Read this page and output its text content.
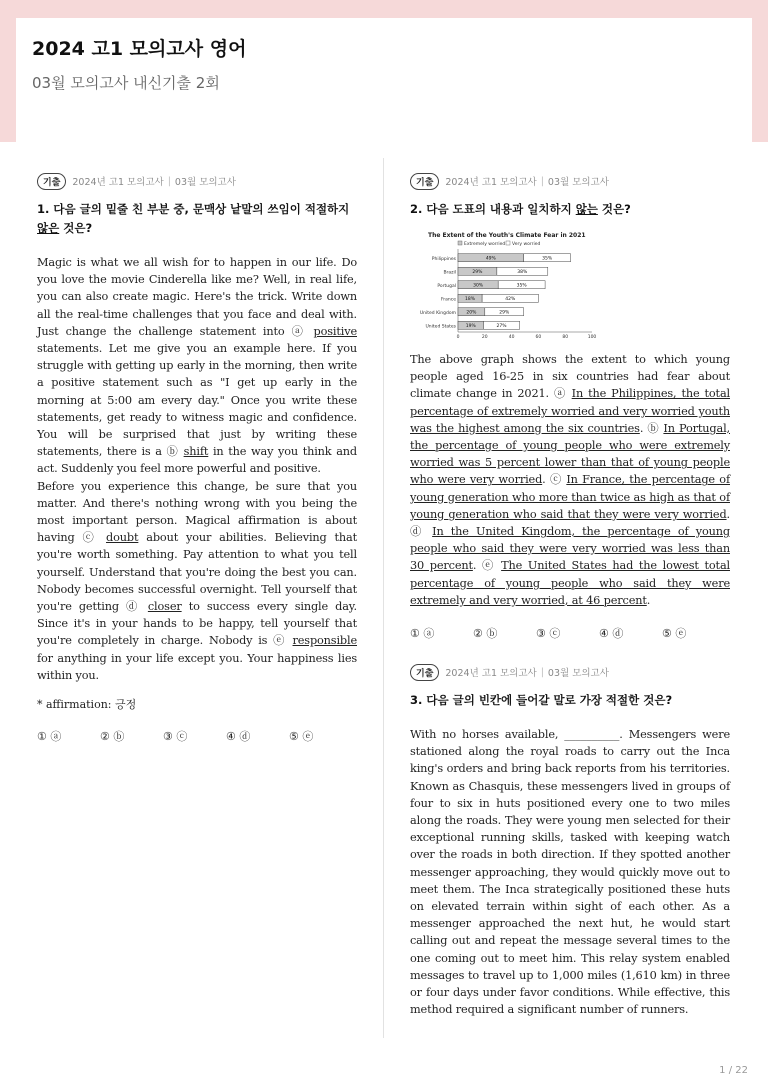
2024 고1 모의고사 영어
03월 모의고사 내신기출 2회
기출	2024년 고1 모의고사 | 03월 모의고사
1. 다음 글의 밑줄 친 부분 중, 문맥상 낱말의 쓰임이 적절하지 않은 것은?
Magic is what we all wish for to happen in our life. Do you love the movie Cinderella like me? Well, in real life, you can also create magic. Here's the trick. Write down all the real-time challenges that you face and deal with. Just change the challenge statement into ⓐ positive statements. Let me give you an example here. If you struggle with getting up early in the morning, then write a positive statement such as "I get up early in the morning at 5:00 am every day." Once you write these statements, get ready to witness magic and confidence. You will be surprised that just by writing these statements, there is a ⓑ shift in the way you think and act. Suddenly you feel more powerful and positive.
Before you experience this change, be sure that you matter. And there's nothing wrong with you being the most important person. Magical affirmation is about having ⓒ doubt about your abilities. Believing that you're worth something. Pay attention to what you tell yourself. Understand that you're doing the best you can. Nobody becomes successful overnight. Tell yourself that you're getting ⓓ closer to success every single day. Since it's in your hands to be happy, tell yourself that you're completely in charge. Nobody is ⓔ responsible for anything in your life except you. Your happiness lies within you.
* affirmation: 긍정
① ⓐ	② ⓑ	③ ⓒ	④ ⓓ	⑤ ⓔ
기출	2024년 고1 모의고사 | 03월 모의고사
2. 다음 도표의 내용과 일치하지 않는 것은?
The Extent of the Youth's Climate Fear in 2021
Extremely worried Very worried
0	20	40	60	80	100
Philippines	49%	35%
Brazil	29%	38%
Portugal	30%	35%
France 18%	42%
United Kingdom 20%	29%
United States 19%	27%
The above graph shows the extent to which young people aged 16-25 in six countries had fear about climate change in 2021. ⓐ In the Philippines, the total percentage of extremely worried and very worried youth was the highest among the six countries. ⓑ In Portugal, the percentage of young people who were extremely worried was 5 percent lower than that of young people who were very worried. ⓒ In France, the percentage of young generation who more than twice as high as that of young generation who said that they were very worried. ⓓ In the United Kingdom, the percentage of young people who said they were very worried was less than 30 percent. ⓔ The United States had the lowest total percentage of young people who said they were extremely and very worried, at 46 percent.
① ⓐ	② ⓑ	③ ⓒ	④ ⓓ	⑤ ⓔ
기출	2024년 고1 모의고사 | 03월 모의고사
3. 다음 글의 빈칸에 들어갈 말로 가장 적절한 것은?
With no horses available, __________. Messengers were stationed along the royal roads to carry out the Inca king's orders and bring back reports from his territories. Known as Chasquis, these messengers lived in groups of four to six in huts positioned every one to two miles along the roads. They were young men selected for their exceptional running skills, tasked with keeping watch over the roads in both direction. If they spotted another messenger approaching, they would quickly move out to meet them. The Inca strategically positioned these huts on elevated terrain within sight of each other. As a messenger approached the next hut, he would start calling out and repeat the message several times to the one coming out to meet him. This relay system enabled messages to travel up to 1,000 miles (1,610 km) in three or four days under favor conditions. While effective, this method required a significant number of runners.
1 / 22
